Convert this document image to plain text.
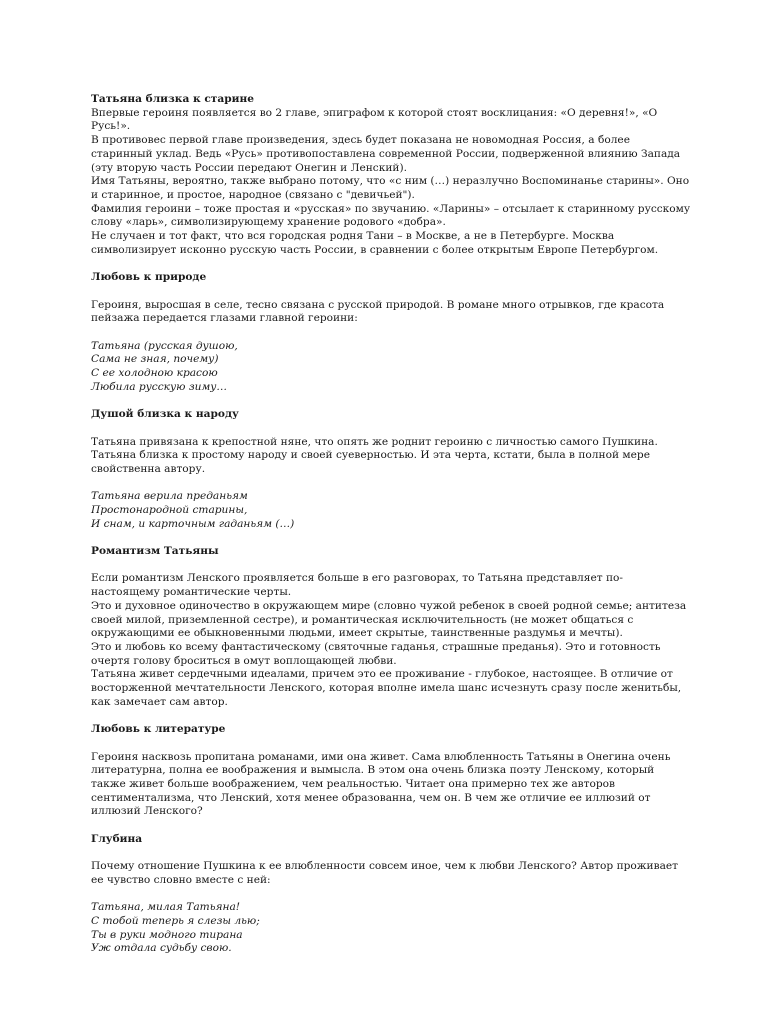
Татьяна близка к старине

Впервые героиня появляется во 2 главе, эпиграфом к которой стоят восклицания: «О деревня!», «О Русь!».

В противовес первой главе произведения, здесь будет показана не новомодная Россия, а более старинный уклад. Ведь «Русь» противопоставлена современной России, подверженной влиянию Запада (эту вторую часть России передают Онегин и Ленский).

Имя Татьяны, вероятно, также выбрано потому, что «с ним (…) неразлучно Воспоминанье старины». Оно и старинное, и простое, народное (связано с "девичьей").

Фамилия героини – тоже простая и «русская» по звучанию. «Ларины» – отсылает к старинному русскому слову «ларь», символизирующему хранение родового «добра».

Не случаен и тот факт, что вся городская родня Тани – в Москве, а не в Петербурге. Москва символизирует исконно русскую часть России, в сравнении с более открытым Европе Петербургом.

Любовь к природе

Героиня, выросшая в селе, тесно связана с русской природой. В романе много отрывков, где красота пейзажа передается глазами главной героини:

Татьяна (русская душою,

Сама не зная, почему)

С ее холодною красою

Любила русскую зиму…

Душой близка к народу

Татьяна привязана к крепостной няне, что опять же роднит героиню с личностью самого Пушкина.

Татьяна близка к простому народу и своей суеверностью. И эта черта, кстати, была в полной мере свойственна автору.

Татьяна верила преданьям

Простонародной старины,

И снам, и карточным гаданьям (…)

Романтизм Татьяны

Если романтизм Ленского проявляется больше в его разговорах, то Татьяна представляет по-настоящему романтические черты.

Это и духовное одиночество в окружающем мире (словно чужой ребенок в своей родной семье; антитеза своей милой, приземленной сестре), и романтическая исключительность (не может общаться с окружающими ее обыкновенными людьми, имеет скрытые, таинственные раздумья и мечты).

Это и любовь ко всему фантастическому (святочные гаданья, страшные преданья). Это и готовность очертя голову броситься в омут воплощающей любви.

Татьяна живет сердечными идеалами, причем это ее проживание - глубокое, настоящее. В отличие от восторженной мечтательности Ленского, которая вполне имела шанс исчезнуть сразу после женитьбы, как замечает сам автор.

Любовь к литературе

Героиня насквозь пропитана романами, ими она живет. Сама влюбленность Татьяны в Онегина очень литературна, полна ее воображения и вымысла. В этом она очень близка поэту Ленскому, который также живет больше воображением, чем реальностью. Читает она примерно тех же авторов сентиментализма, что Ленский, хотя менее образованна, чем он. В чем же отличие ее иллюзий от иллюзий Ленского?

Глубина

Почему отношение Пушкина к ее влюбленности совсем иное, чем к любви Ленского? Автор проживает ее чувство словно вместе с ней:

Татьяна, милая Татьяна!

С тобой теперь я слезы лью;

Ты в руки модного тирана

Уж отдала судьбу свою.
